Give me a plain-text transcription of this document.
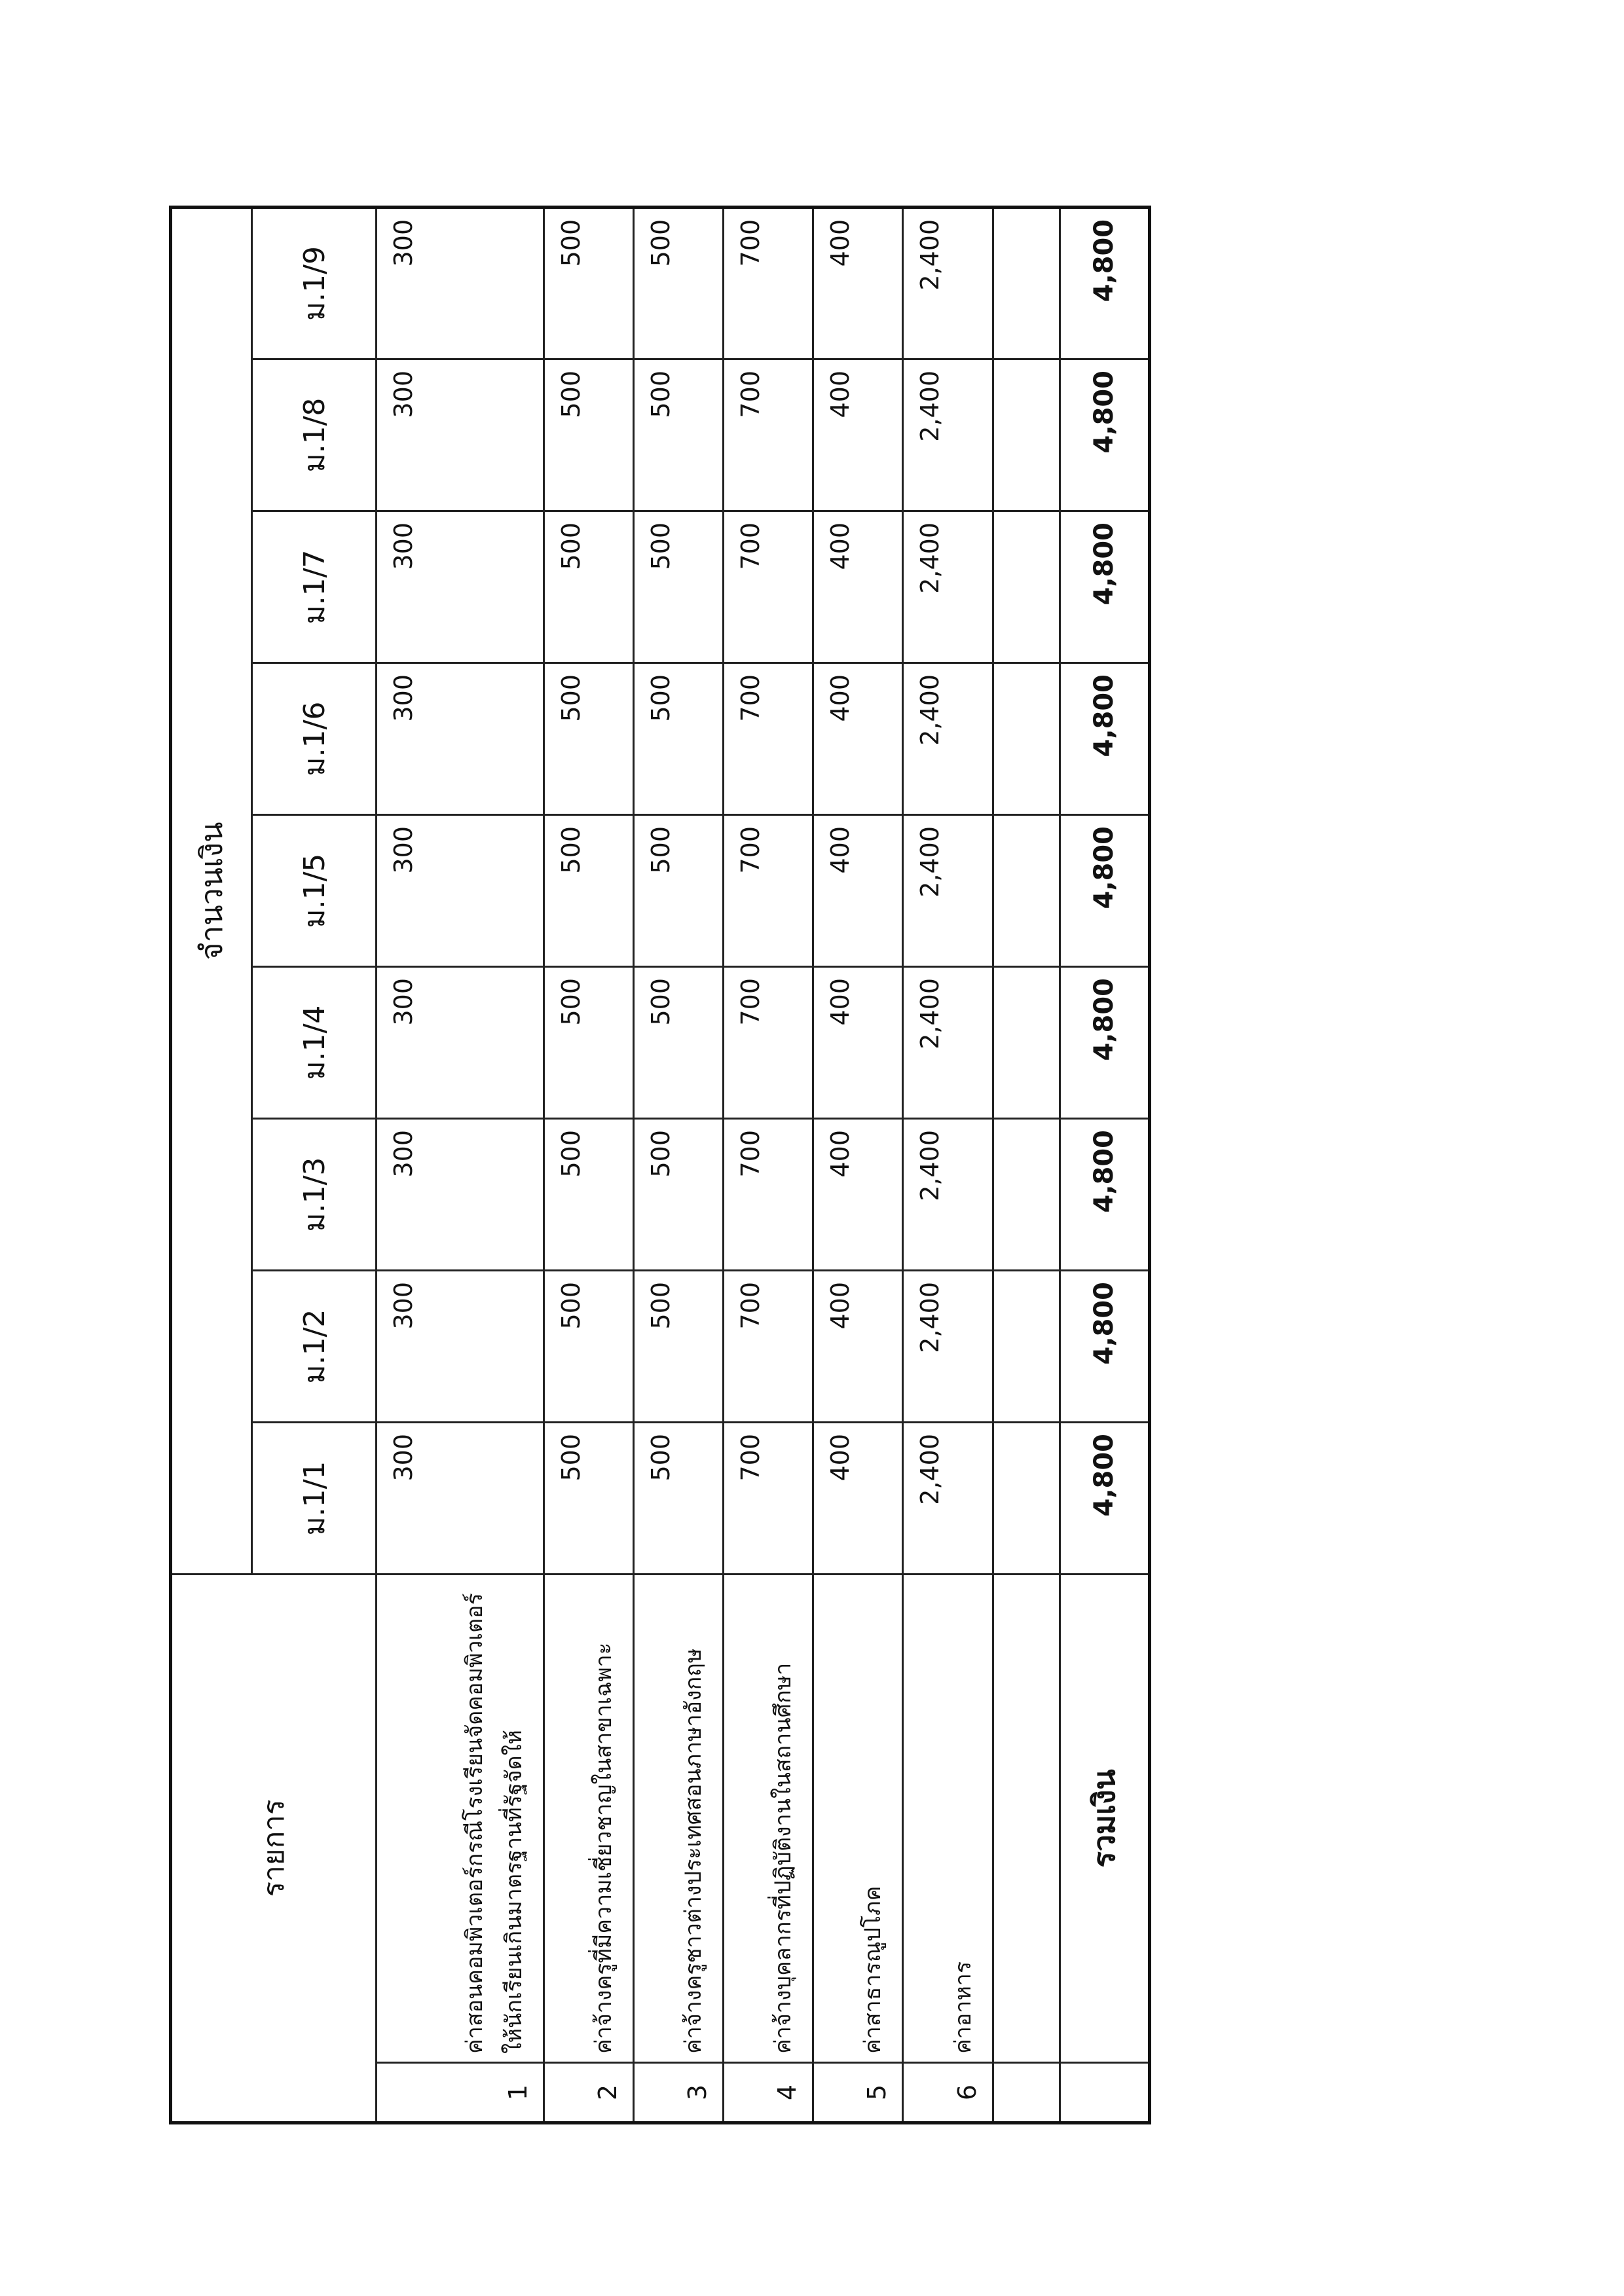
รายการ		จำนวนเงิน								
		ม.1/1	ม.1/2	ม.1/3	ม.1/4	ม.1/5	ม.1/6	ม.1/7	ม.1/8	ม.1/9
1	ค่าสอนคอมพิวเตอร์กรณีโรงเรียนจัดคอมพิวเตอร์ ให้นักเรียนเกินมาตรฐานที่รัฐจัดให้	300	300	300	300	300	300	300	300	300
2	ค่าจ้างครูที่มีความเชี่ยวชาญในสาขาเฉพาะ	500	500	500	500	500	500	500	500	500
3	ค่าจ้างครูชาวต่างประเทศสอนภาษาอังกฤษ	500	500	500	500	500	500	500	500	500
4	ค่าจ้างบุคลากรที่ปฏิบัติงานในสถานศึกษา	700	700	700	700	700	700	700	700	700
5	ค่าสาธารณูปโภค	400	400	400	400	400	400	400	400	400
6	ค่าอาหาร	2,400	2,400	2,400	2,400	2,400	2,400	2,400	2,400	2,400

	รวมเงิน	4,800	4,800	4,800	4,800	4,800	4,800	4,800	4,800	4,800
